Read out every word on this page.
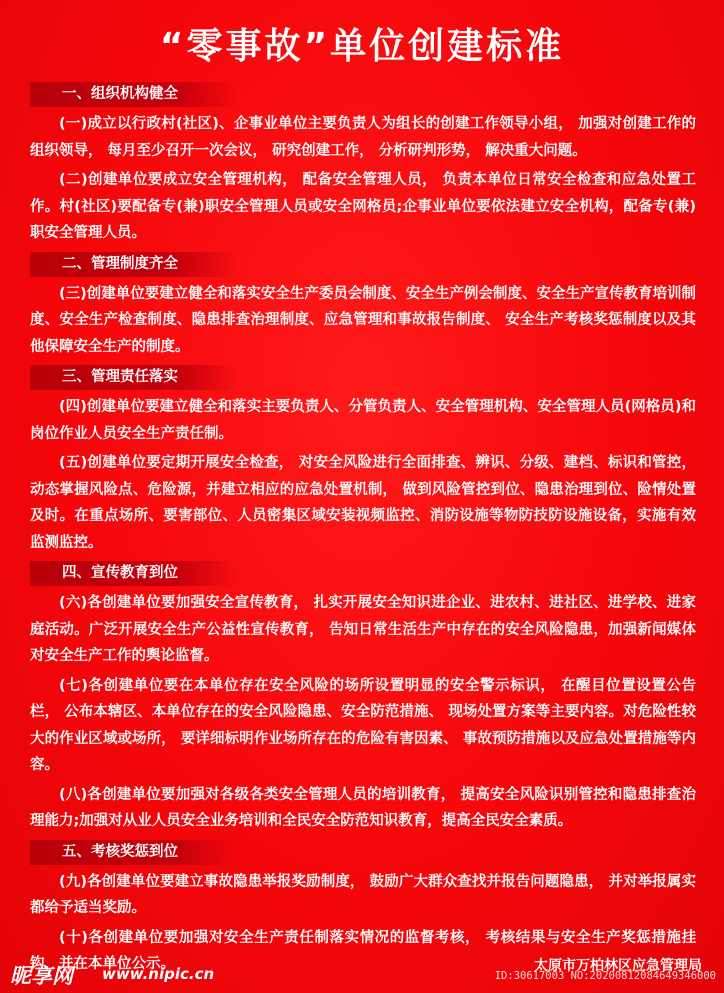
“零事故”单位创建标准
一、组织机构健全

(一)成立以行政村(社区)、企事业单位主要负责人为组长的创建工作领导小组， 加强对创建工作的组织领导， 每月至少召开一次会议， 研究创建工作， 分析研判形势， 解决重大问题。

(二)创建单位要成立安全管理机构， 配备安全管理人员， 负责本单位日常安全检查和应急处置工作。村(社区)要配备专(兼)职安全管理人员或安全网格员;企事业单位要依法建立安全机构，配备专(兼)职安全管理人员。

二、管理制度齐全

(三)创建单位要建立健全和落实安全生产委员会制度、安全生产例会制度、安全生产宣传教育培训制度、安全生产检查制度、隐患排查治理制度、应急管理和事故报告制度、 安全生产考核奖惩制度以及其他保障安全生产的制度。

三、管理责任落实

(四)创建单位要建立健全和落实主要负责人、分管负责人、安全管理机构、安全管理人员(网格员)和岗位作业人员安全生产责任制。

(五)创建单位要定期开展安全检查， 对安全风险进行全面排查、辨识、分级、建档、标识和管控， 动态掌握风险点、危险源，并建立相应的应急处置机制， 做到风险管控到位、隐患治理到位、险情处置及时。在重点场所、要害部位、人员密集区域安装视频监控、消防设施等物防技防设施设备，实施有效监测监控。

四、宣传教育到位

(六)各创建单位要加强安全宣传教育， 扎实开展安全知识进企业、进农村、进社区、进学校、进家庭活动。广泛开展安全生产公益性宣传教育， 告知日常生活生产中存在的安全风险隐患，加强新闻媒体对安全生产工作的舆论监督。

(七)各创建单位要在本单位存在安全风险的场所设置明显的安全警示标识， 在醒目位置设置公告栏， 公布本辖区、本单位存在的安全风险隐患、安全防范措施、 现场处置方案等主要内容。对危险性较大的作业区域或场所， 要详细标明作业场所存在的危险有害因素、 事故预防措施以及应急处置措施等内容。

(八)各创建单位要加强对各级各类安全管理人员的培训教育， 提高安全风险识别管控和隐患排查治理能力;加强对从业人员安全业务培训和全民安全防范知识教育，提高全民安全素质。

五、考核奖惩到位

(九)各创建单位要建立事故隐患举报奖励制度， 鼓励广大群众查找并报告问题隐患， 并对举报属实都给予适当奖励。

(十)各创建单位要加强对安全生产责任制落实情况的监督考核， 考核结果与安全生产奖惩措施挂钩，并在本单位公示。	太原市万柏林区应急管理局
昵享网 www.nipic.cn	ID:30617003 NO:20200812084649346000
